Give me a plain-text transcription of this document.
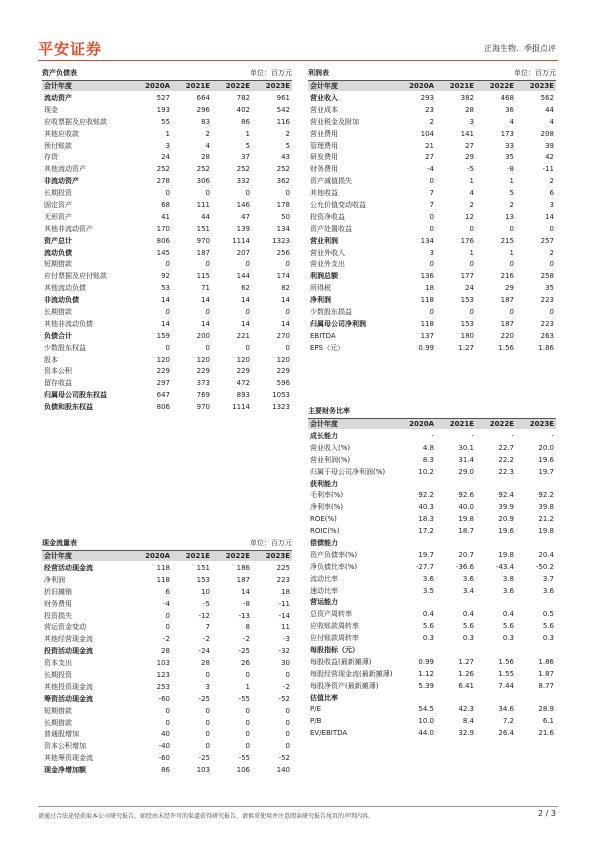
平安证券	正海生物．季报点评
资产负债表	单位：百万元
会计年度	2020A	2021E	2022E	2023E
流动资产	527	664	782	961
现金	193	296	402	542
应收票据及应收账款	55	83	86	116
其他应收款	1	2	1	2
预付账款	3	4	5	5
存货	24	28	37	43
其他流动资产	252	252	252	252
非流动资产	278	306	332	362
长期投资	0	0	0	0
固定资产	68	111	146	178
无形资产	41	44	47	50
其他非流动资产	170	151	139	134
资产总计	806	970	1114	1323
流动负债	145	187	207	256
短期借款	0	0	0	0
应付票据及应付账款	92	115	144	174
其他流动负债	53	71	62	82
非流动负债	14	14	14	14
长期借款	0	0	0	0
其他非流动负债	14	14	14	14
负债合计	159	200	221	270
少数股东权益	0	0	0	0
股本	120	120	120	120
资本公积	229	229	229	229
留存收益	297	373	472	596
归属母公司股东权益	647	769	893	1053
负债和股东权益	806	970	1114	1323
利润表	单位：百万元
会计年度	2020A	2021E	2022E	2023E
营业收入	293	382	468	562
营业成本	23	28	36	44
营业税金及附加	2	3	4	4
营业费用	104	141	173	208
管理费用	21	27	33	39
研发费用	27	29	35	42
财务费用	-4	-5	-8	-11
资产减值损失	0	1	1	2
其他收益	7	4	5	6
公允价值变动收益	7	2	2	3
投资净收益	0	12	13	14
资产处置收益	0	0	0	0
营业利润	134	176	215	257
营业外收入	3	1	1	2
营业外支出	0	0	0	0
利润总额	136	177	216	258
所得税	18	24	29	35
净利润	118	153	187	223
少数股东损益	0	0	0	0
归属母公司净利润	118	153	187	223
EBITDA	137	180	220	263
EPS（元）	0.99	1.27	1.56	1.86
主要财务比率
会计年度	2020A	2021E	2022E	2023E
成长能力	-	-	-	-
营业收入(%)	4.8	30.1	22.7	20.0
营业利润(%)	8.3	31.4	22.2	19.6
归属于母公司净利润(%)	10.2	29.0	22.3	19.7
获利能力
毛利率(%)	92.2	92.6	92.4	92.2
净利率(%)	40.3	40.0	39.9	39.8
ROE(%)	18.3	19.8	20.9	21.2
ROIC(%)	17.2	18.7	19.6	19.8
偿债能力
资产负债率(%)	19.7	20.7	19.8	20.4
净负债比率(%)	-27.7	-36.6	-43.4	-50.2
流动比率	3.6	3.6	3.8	3.7
速动比率	3.5	3.4	3.6	3.6
营运能力
总资产周转率	0.4	0.4	0.4	0.5
应收账款周转率	5.6	5.6	5.6	5.6
应付账款周转率	0.3	0.3	0.3	0.3
每股指标（元）
每股收益(最新摊薄)	0.99	1.27	1.56	1.86
每股经营现金流(最新摊薄)	1.12	1.26	1.55	1.87
每股净资产(最新摊薄)	5.39	6.41	7.44	8.77
估值比率
P/E	54.5	42.3	34.6	28.9
P/B	10.0	8.4	7.2	6.1
EV/EBITDA	44.0	32.9	26.4	21.6
现金流量表	单位：百万元
会计年度	2020A	2021E	2022E	2023E
经营活动现金流	118	151	186	225
净利润	118	153	187	223
折旧摊销	6	10	14	18
财务费用	-4	-5	-8	-11
投资损失	0	-12	-13	-14
营运资金变动	0	7	8	11
其他经营现金流	-2	-2	-2	-3
投资活动现金流	28	-24	-25	-32
资本支出	103	28	26	30
长期投资	123	0	0	0
其他投资现金流	253	3	1	-2
筹资活动现金流	-60	-25	-55	-52
短期借款	0	0	0	0
长期借款	0	0	0	0
普通股增加	40	0	0	0
资本公积增加	-40	0	0	0
其他筹资现金流	-60	-25	-55	-52
现金净增加额	86	103	106	140
请通过合法途径获取本公司研究报告，如经由未经许可的渠道获得研究报告，请慎重使用并注意阅读研究报告尾页的声明内容。	2 / 3
